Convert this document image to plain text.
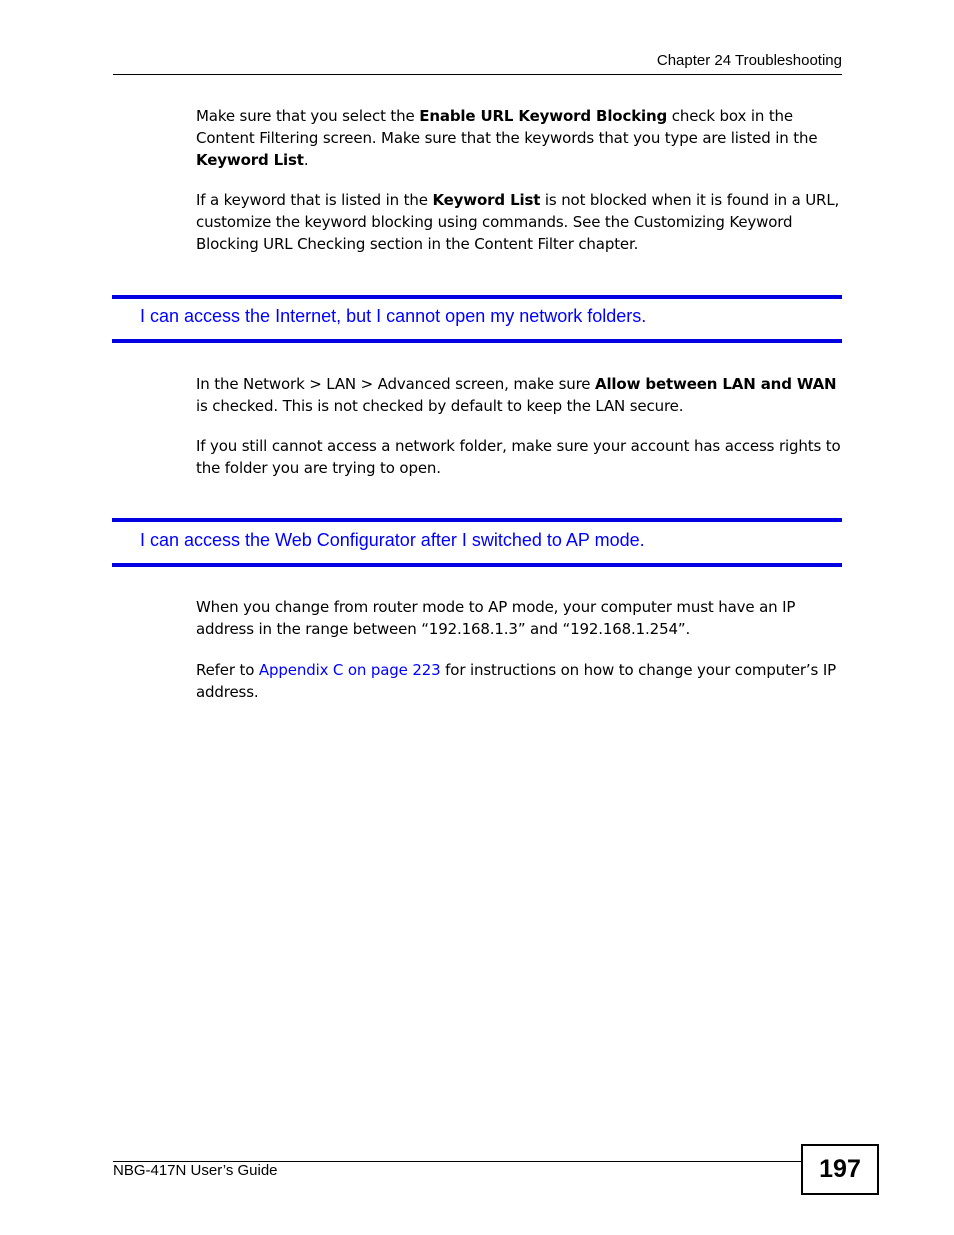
Chapter 24 Troubleshooting

Make sure that you select the Enable URL Keyword Blocking check box in the Content Filtering screen. Make sure that the keywords that you type are listed in the Keyword List.

If a keyword that is listed in the Keyword List is not blocked when it is found in a URL, customize the keyword blocking using commands. See the Customizing Keyword Blocking URL Checking section in the Content Filter chapter.

I can access the Internet, but I cannot open my network folders.

In the Network > LAN > Advanced screen, make sure Allow between LAN and WAN is checked. This is not checked by default to keep the LAN secure.

If you still cannot access a network folder, make sure your account has access rights to the folder you are trying to open.

I can access the Web Configurator after I switched to AP mode.

When you change from router mode to AP mode, your computer must have an IP address in the range between “192.168.1.3” and “192.168.1.254”.

Refer to Appendix C on page 223 for instructions on how to change your computer’s IP address.

NBG-417N User’s Guide	197
